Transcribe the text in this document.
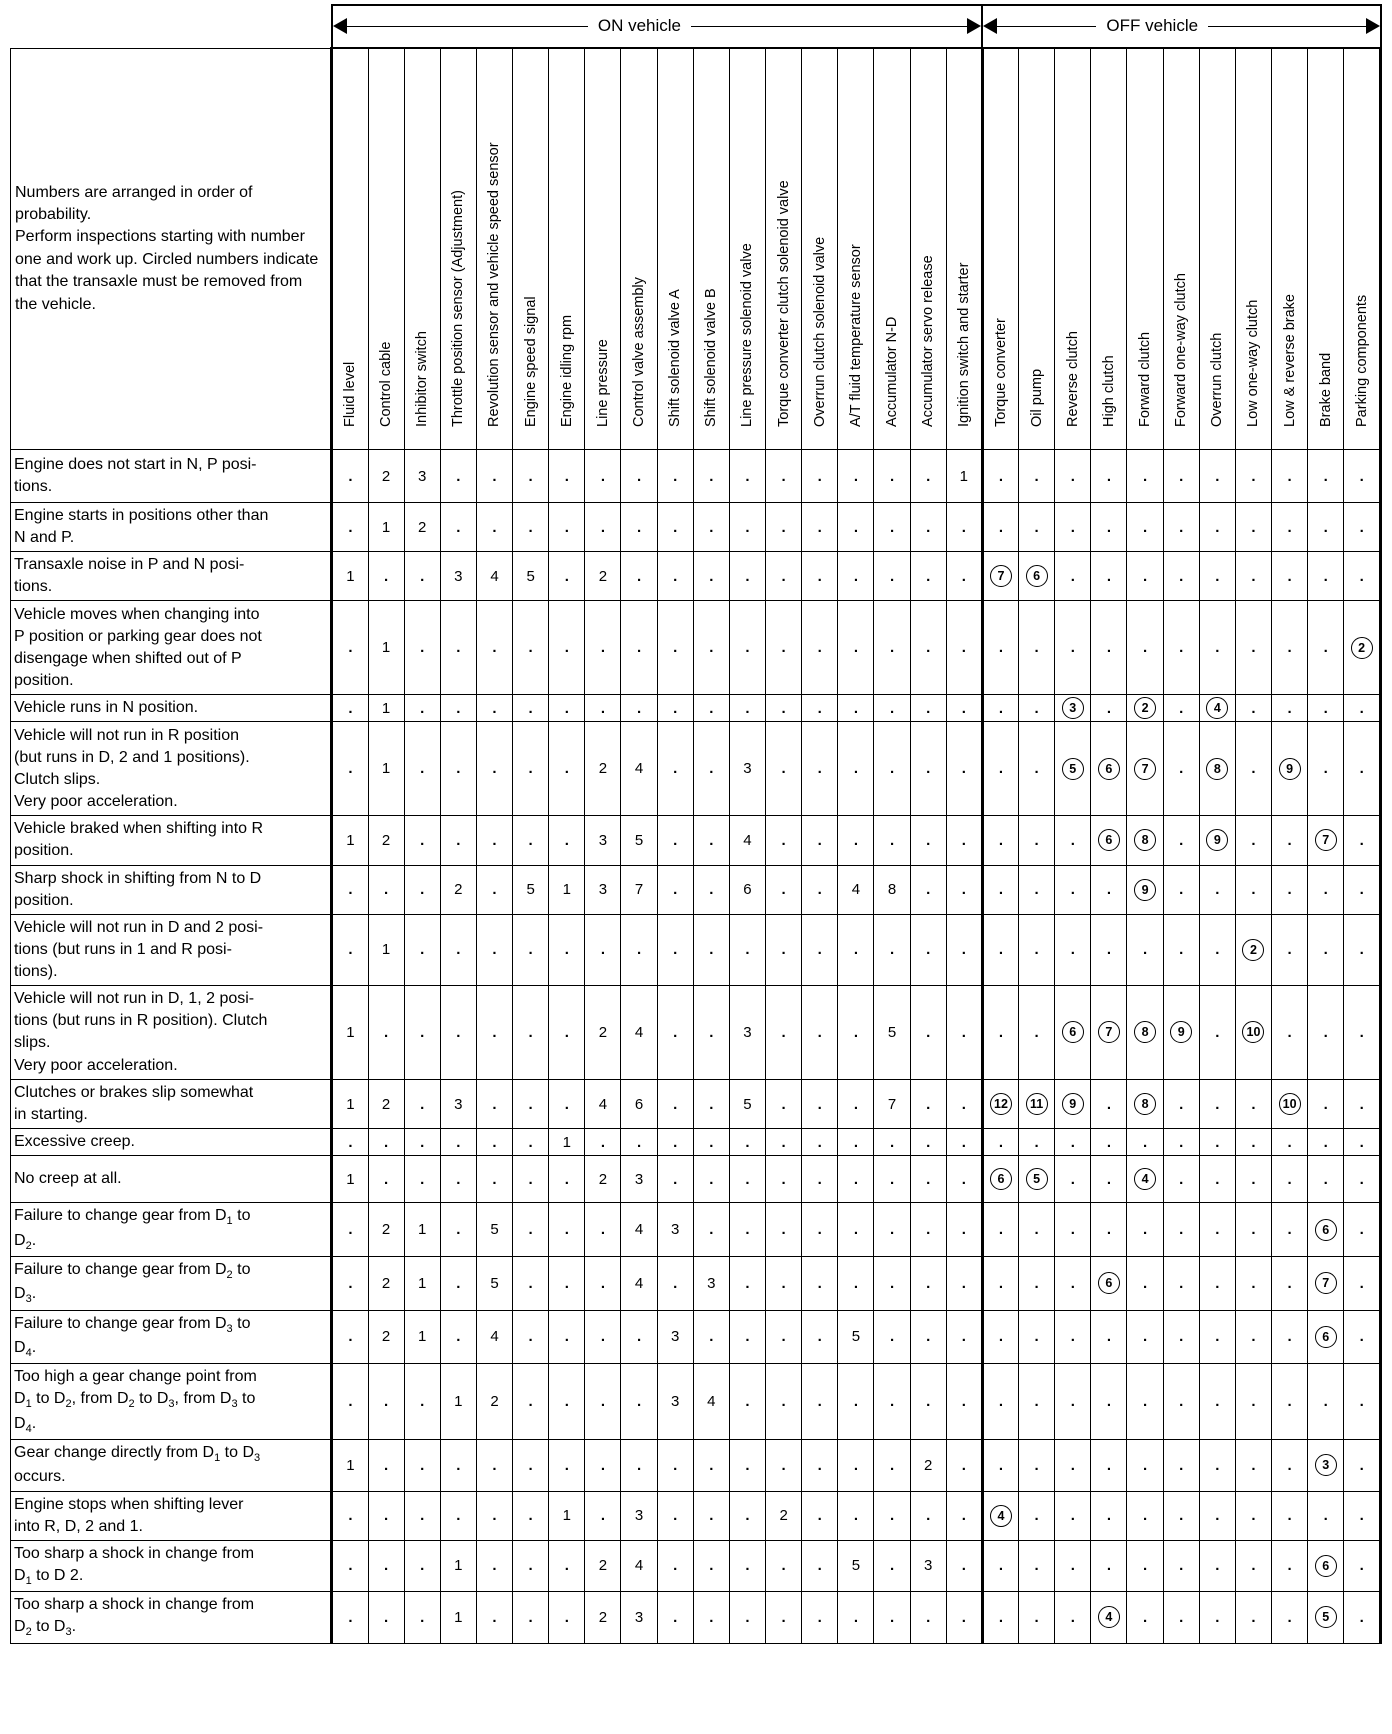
	ON vehicle																		OFF vehicle										

Numbers are arranged in order of probability.
Perform inspections starting with number one and work up. Circled numbers indicate that the transaxle must be removed from the vehicle.	Fluid level	Control cable	Inhibitor switch	Throttle position sensor (Adjustment)	Revolution sensor and vehicle speed sensor	Engine speed signal	Engine idling rpm	Line pressure	Control valve assembly	Shift solenoid valve A	Shift solenoid valve B	Line pressure solenoid valve	Torque converter clutch solenoid valve	Overrun clutch solenoid valve	A/T fluid temperature sensor	Accumulator N-D	Accumulator servo release	Ignition switch and starter	Torque converter	Oil pump	Reverse clutch	High clutch	Forward clutch	Forward one-way clutch	Overrun clutch	Low one-way clutch	Low & reverse brake	Brake band	Parking components

Engine does not start in N, P posi-
tions.	.	2	3	.	.	.	.	.	.	.	.	.	.	.	.	.	.	1	.	.	.	.	.	.	.	.	.	.	.

Engine starts in positions other than
N and P.	.	1	2	.	.	.	.	.	.	.	.	.	.	.	.	.	.	.	.	.	.	.	.	.	.	.	.	.	.

Transaxle noise in P and N posi-
tions.	1	.	.	3	4	5	.	2	.	.	.	.	.	.	.	.	.	.	7	6	.	.	.	.	.	.	.	.	.

Vehicle moves when changing into
P position or parking gear does not
disengage when shifted out of P
position.	.	1	.	.	.	.	.	.	.	.	.	.	.	.	.	.	.	.	.	.	.	.	.	.	.	.	.	.	2

Vehicle runs in N position.	.	1	.	.	.	.	.	.	.	.	.	.	.	.	.	.	.	.	.	.	3	.	2	.	4	.	.	.	.

Vehicle will not run in R position
(but runs in D, 2 and 1 positions).
Clutch slips.
Very poor acceleration.	.	1	.	.	.	.	.	2	4	.	.	3	.	.	.	.	.	.	.	.	5	6	7	.	8	.	9	.	.

Vehicle braked when shifting into R
position.	1	2	.	.	.	.	.	3	5	.	.	4	.	.	.	.	.	.	.	.	.	6	8	.	9	.	.	7	.

Sharp shock in shifting from N to D
position.	.	.	.	2	.	5	1	3	7	.	.	6	.	.	4	8	.	.	.	.	.	.	9	.	.	.	.	.	.

Vehicle will not run in D and 2 posi-
tions (but runs in 1 and R posi-
tions).	.	1	.	.	.	.	.	.	.	.	.	.	.	.	.	.	.	.	.	.	.	.	.	.	.	2	.	.	.

Vehicle will not run in D, 1, 2 posi-
tions (but runs in R position). Clutch
slips.
Very poor acceleration.	1	.	.	.	.	.	.	2	4	.	.	3	.	.	.	5	.	.	.	.	6	7	8	9	.	10	.	.	.

Clutches or brakes slip somewhat
in starting.	1	2	.	3	.	.	.	4	6	.	.	5	.	.	.	7	.	.	12	11	9	.	8	.	.	.	10	.	.

Excessive creep.	.	.	.	.	.	.	1	.	.	.	.	.	.	.	.	.	.	.	.	.	.	.	.	.	.	.	.	.	.

No creep at all.	1	.	.	.	.	.	.	2	3	.	.	.	.	.	.	.	.	.	6	5	.	.	4	.	.	.	.	.	.

Failure to change gear from $D_1$ to
$D_2$.	.	2	1	.	5	.	.	.	4	3	.	.	.	.	.	.	.	.	.	.	.	.	.	.	.	.	.	6	.

Failure to change gear from $D_2$ to
$D_3$.	.	2	1	.	5	.	.	.	4	.	3	.	.	.	.	.	.	.	.	.	.	6	.	.	.	.	.	7	.

Failure to change gear from $D_3$ to
$D_4$.	.	2	1	.	4	.	.	.	.	3	.	.	.	.	5	.	.	.	.	.	.	.	.	.	.	.	.	6	.

Too high a gear change point from
$D_1$ to $D_2$, from $D_2$ to $D_3$, from $D_3$ to
$D_4$.	.	.	.	1	2	.	.	.	.	3	4	.	.	.	.	.	.	.	.	.	.	.	.	.	.	.	.	.	.

Gear change directly from $D_1$ to $D_3$
occurs.	1	.	.	.	.	.	.	.	.	.	.	.	.	.	.	.	2	.	.	.	.	.	.	.	.	.	.	3	.

Engine stops when shifting lever
into R, D, 2 and 1.	.	.	.	.	.	.	1	.	3	.	.	.	2	.	.	.	.	.	4	.	.	.	.	.	.	.	.	.	.

Too sharp a shock in change from
$D_1$ to D 2.	.	.	.	1	.	.	.	2	4	.	.	.	.	.	5	.	3	.	.	.	.	.	.	.	.	.	.	6	.

Too sharp a shock in change from
$D_2$ to $D_3$.	.	.	.	1	.	.	.	2	3	.	.	.	.	.	.	.	.	.	.	.	.	4	.	.	.	.	.	5	.
